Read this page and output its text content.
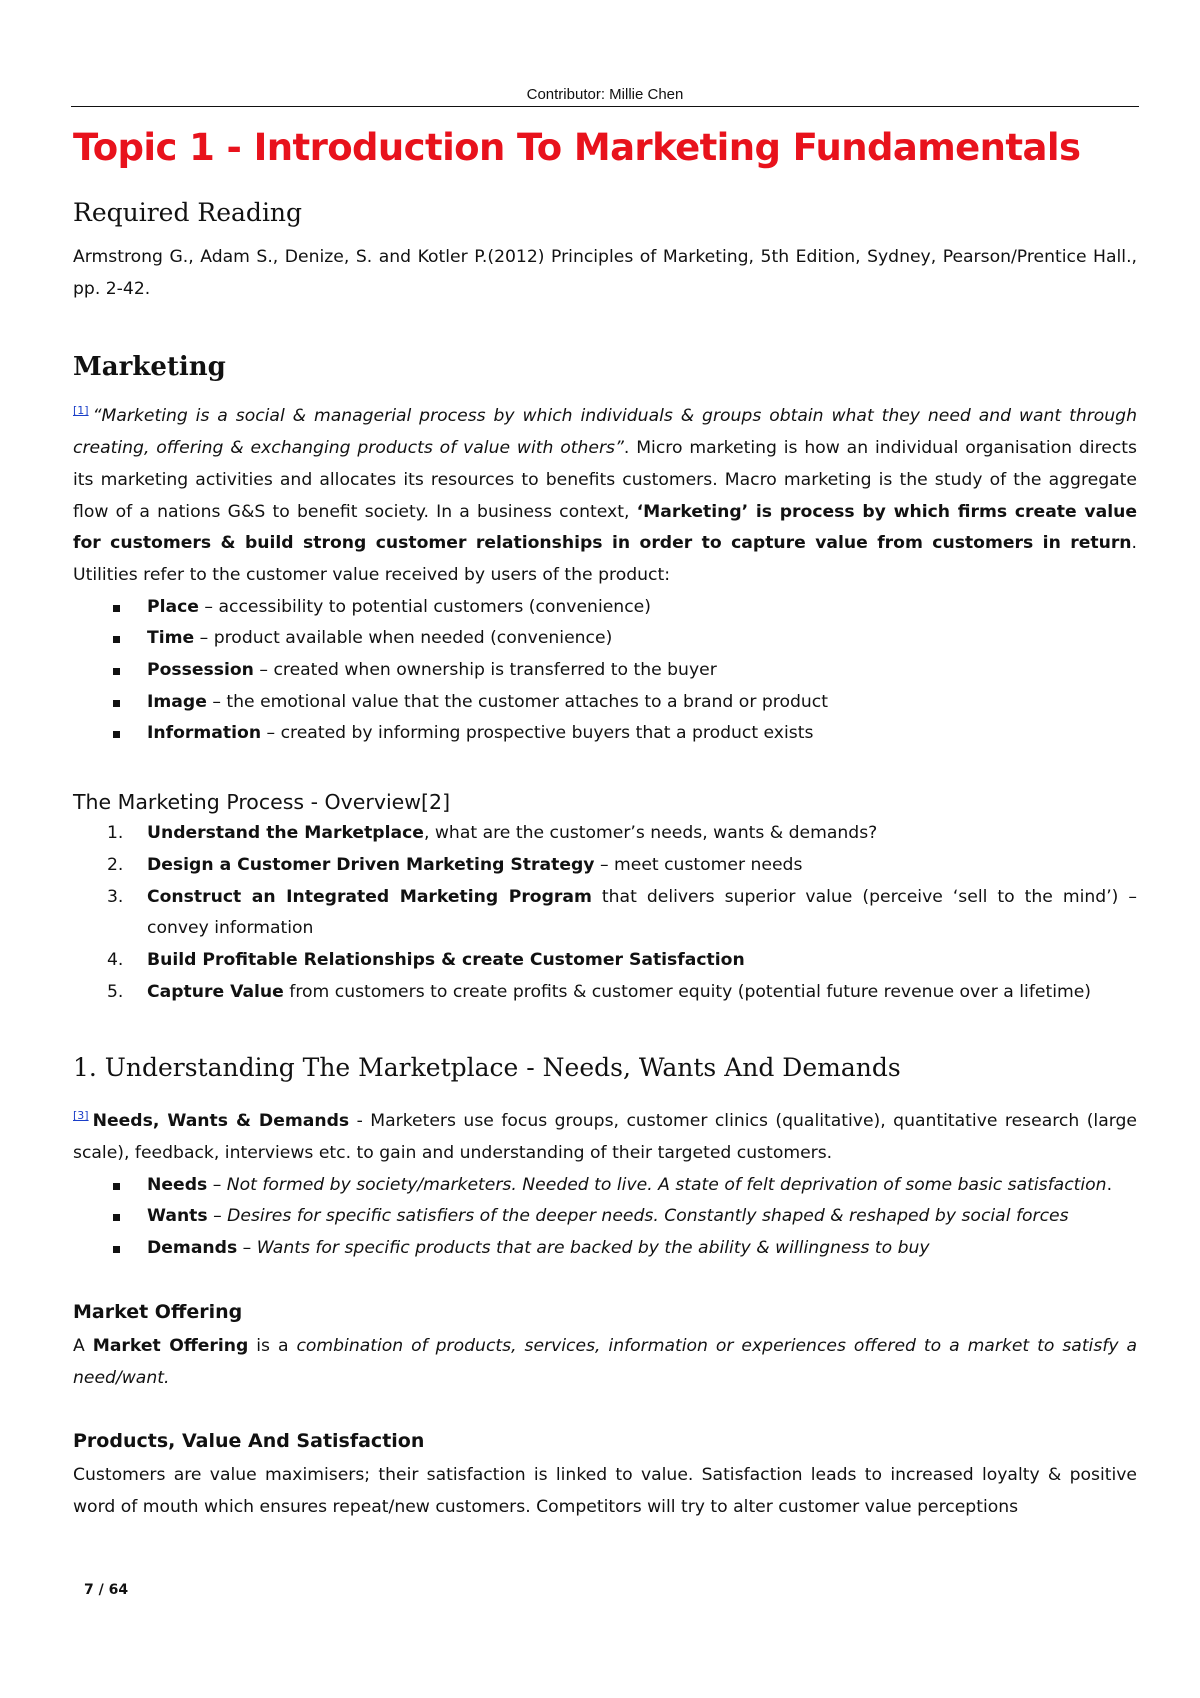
Contributor: Millie Chen
Topic 1 - Introduction To Marketing Fundamentals
Required Reading

Armstrong G., Adam S., Denize, S. and Kotler P.(2012) Principles of Marketing, 5th Edition, Sydney, Pearson/Prentice Hall., pp. 2-42.

Marketing

[1] “Marketing is a social & managerial process by which individuals & groups obtain what they need and want through creating, offering & exchanging products of value with others”. Micro marketing is how an individual organisation directs its marketing activities and allocates its resources to benefits customers. Macro marketing is the study of the aggregate flow of a nations G&S to benefit society. In a business context, ‘Marketing’ is process by which firms create value for customers & build strong customer relationships in order to capture value from customers in return. Utilities refer to the customer value received by users of the product:

Place – accessibility to potential customers (convenience)
Time – product available when needed (convenience)
Possession – created when ownership is transferred to the buyer
Image – the emotional value that the customer attaches to a brand or product
Information – created by informing prospective buyers that a product exists
The Marketing Process - Overview[2]
1.	Understand the Marketplace, what are the customer’s needs, wants & demands?
2.	Design a Customer Driven Marketing Strategy – meet customer needs
3.	Construct an Integrated Marketing Program that delivers superior value (perceive ‘sell to the mind’) – convey information
4.	Build Profitable Relationships & create Customer Satisfaction
5.	Capture Value from customers to create profits & customer equity (potential future revenue over a lifetime)
1. Understanding The Marketplace - Needs, Wants And Demands

[3] Needs, Wants & Demands - Marketers use focus groups, customer clinics (qualitative), quantitative research (large scale), feedback, interviews etc. to gain and understanding of their targeted customers.

Needs – Not formed by society/marketers. Needed to live. A state of felt deprivation of some basic satisfaction.
Wants – Desires for specific satisfiers of the deeper needs. Constantly shaped & reshaped by social forces
Demands – Wants for specific products that are backed by the ability & willingness to buy
Market Offering

A Market Offering is a combination of products, services, information or experiences offered to a market to satisfy a need/want.

Products, Value And Satisfaction

Customers are value maximisers; their satisfaction is linked to value. Satisfaction leads to increased loyalty & positive word of mouth which ensures repeat/new customers. Competitors will try to alter customer value perceptions

7 / 64
